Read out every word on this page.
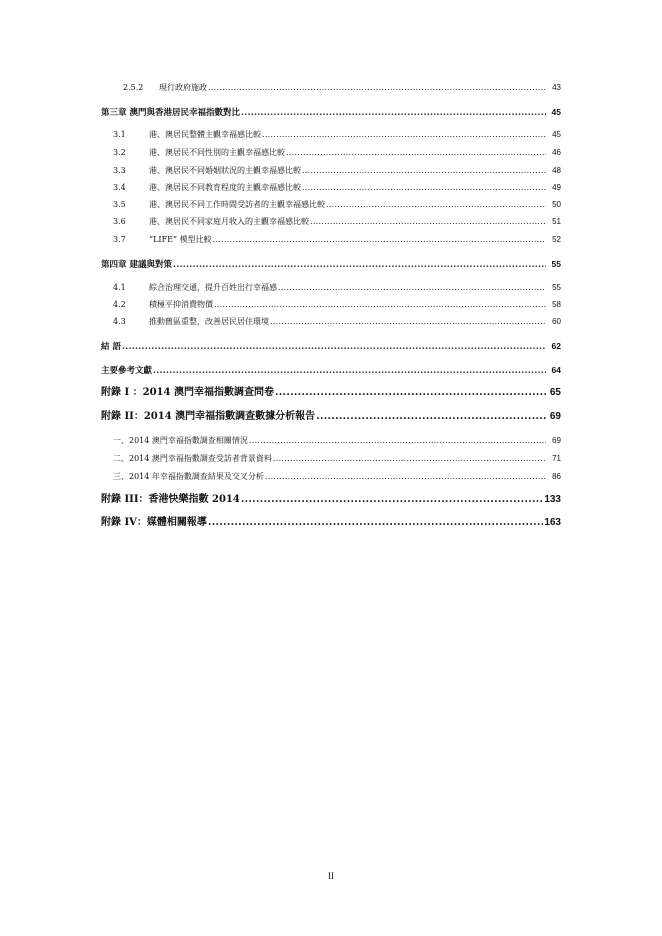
2.5.2	現行政府施政 .....	43
第三章 澳門與香港居民幸福指數對比 .....	45
3.1	港、澳居民整體主觀幸福感比較 .....	45
3.2	港、澳居民不同性別的主觀幸福感比較 .....	46
3.3	港、澳居民不同婚姻狀況的主觀幸福感比較 .....	48
3.4	港、澳居民不同教育程度的主觀幸福感比較 .....	49
3.5	港、澳居民不同工作時間受訪者的主觀幸福感比較 .....	50
3.6	港、澳居民不同家庭月收入的主觀幸福感比較 .....	51
3.7	“LIFE” 模型比較 .....	52
第四章 建議與對策 .....	55
4.1	綜合治理交通，提升百姓出行幸福感 .....	55
4.2	積極平抑消費物價 .....	58
4.3	推動舊區重整，改善居民居住環境 .....	60
結 語 .....	62
主要參考文獻 .....	64
附錄 I ：2014 澳門幸福指數調查問卷 .....	65
附錄 II：2014 澳門幸福指數調查數據分析報告 .....	69
一、2014 澳門幸福指數調查相關情況 .....	69
二、2014 澳門幸福指數調查受訪者背景資料 .....	71
三、2014 年幸福指數調查結果及交叉分析 .....	86
附錄 III：香港快樂指數 2014 .....	133
附錄 IV：媒體相關報導 .....	163
II
